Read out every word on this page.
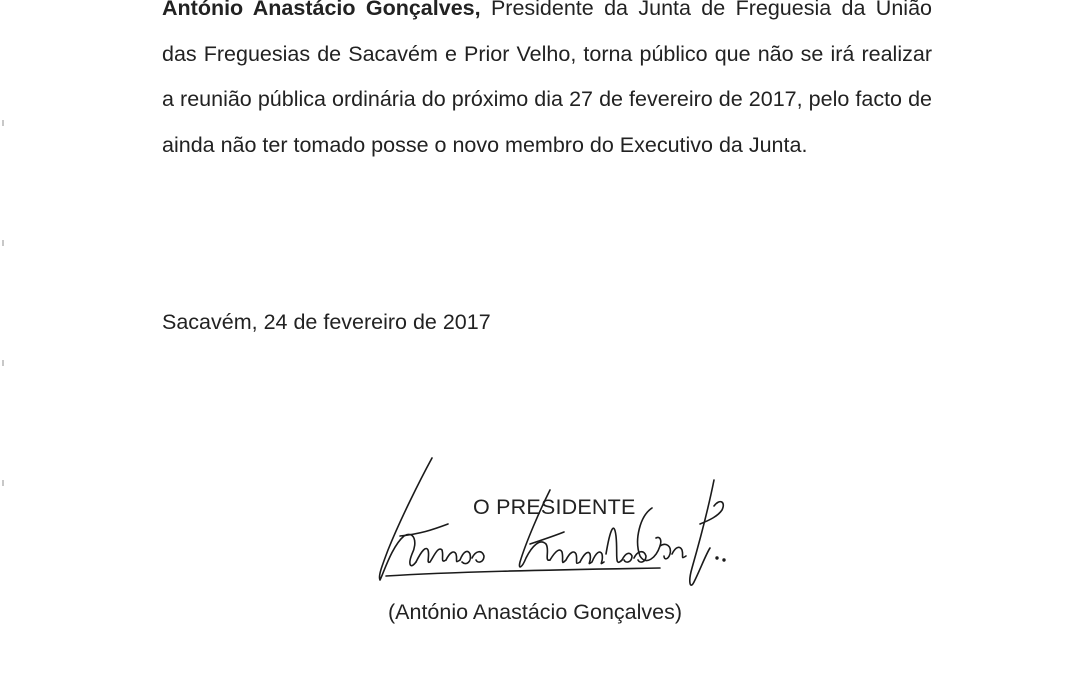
António Anastácio Gonçalves, Presidente da Junta de Freguesia da União das Freguesias de Sacavém e Prior Velho, torna público que não se irá realizar a reunião pública ordinária do próximo dia 27 de fevereiro de 2017, pelo facto de ainda não ter tomado posse o novo membro do Executivo da Junta.

Sacavém, 24 de fevereiro de 2017

O PRESIDENTE
(António Anastácio Gonçalves)
